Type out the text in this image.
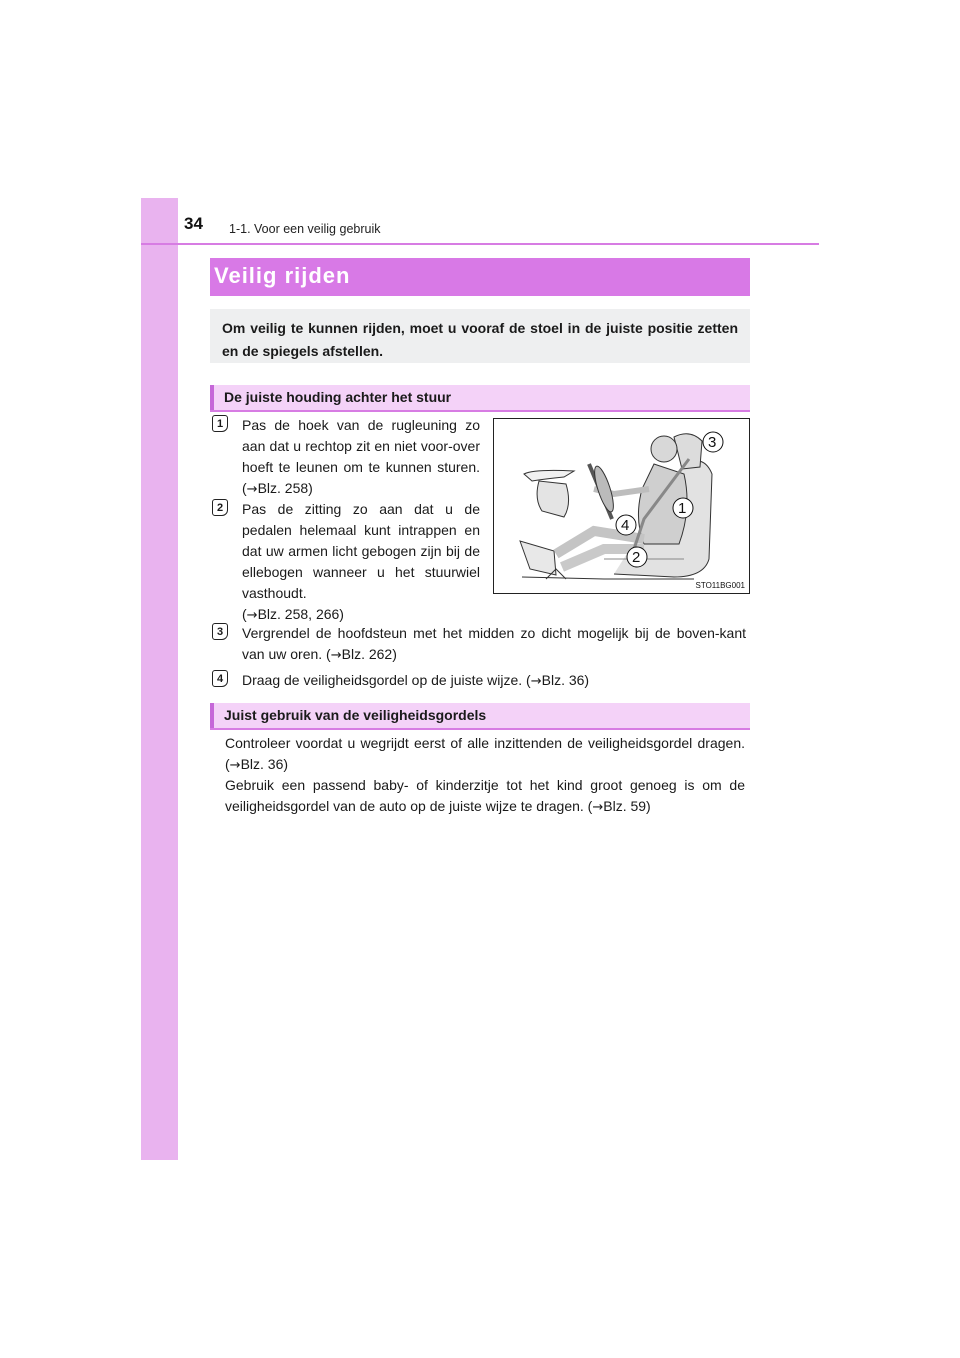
34 1-1. Voor een veilig gebruik
Veilig rijden
Om veilig te kunnen rijden, moet u vooraf de stoel in de juiste positie zetten en de spiegels afstellen.
De juiste houding achter het stuur
1	Pas de hoek van de rugleuning zo aan dat u rechtop zit en niet voor-over hoeft te leunen om te kunnen sturen. (→Blz. 258)
2	Pas de zitting zo aan dat u de pedalen helemaal kunt intrappen en dat uw armen licht gebogen zijn bij de ellebogen wanneer u het stuurwiel vasthoudt.
(→Blz. 258, 266)
3
1
4
2
STO11BG001
3	Vergrendel de hoofdsteun met het midden zo dicht mogelijk bij de boven-kant van uw oren. (→Blz. 262)
4	Draag de veiligheidsgordel op de juiste wijze. (→Blz. 36)
Juist gebruik van de veiligheidsgordels
Controleer voordat u wegrijdt eerst of alle inzittenden de veiligheidsgordel dragen. (→Blz. 36)
Gebruik een passend baby- of kinderzitje tot het kind groot genoeg is om de veiligheidsgordel van de auto op de juiste wijze te dragen. (→Blz. 59)
